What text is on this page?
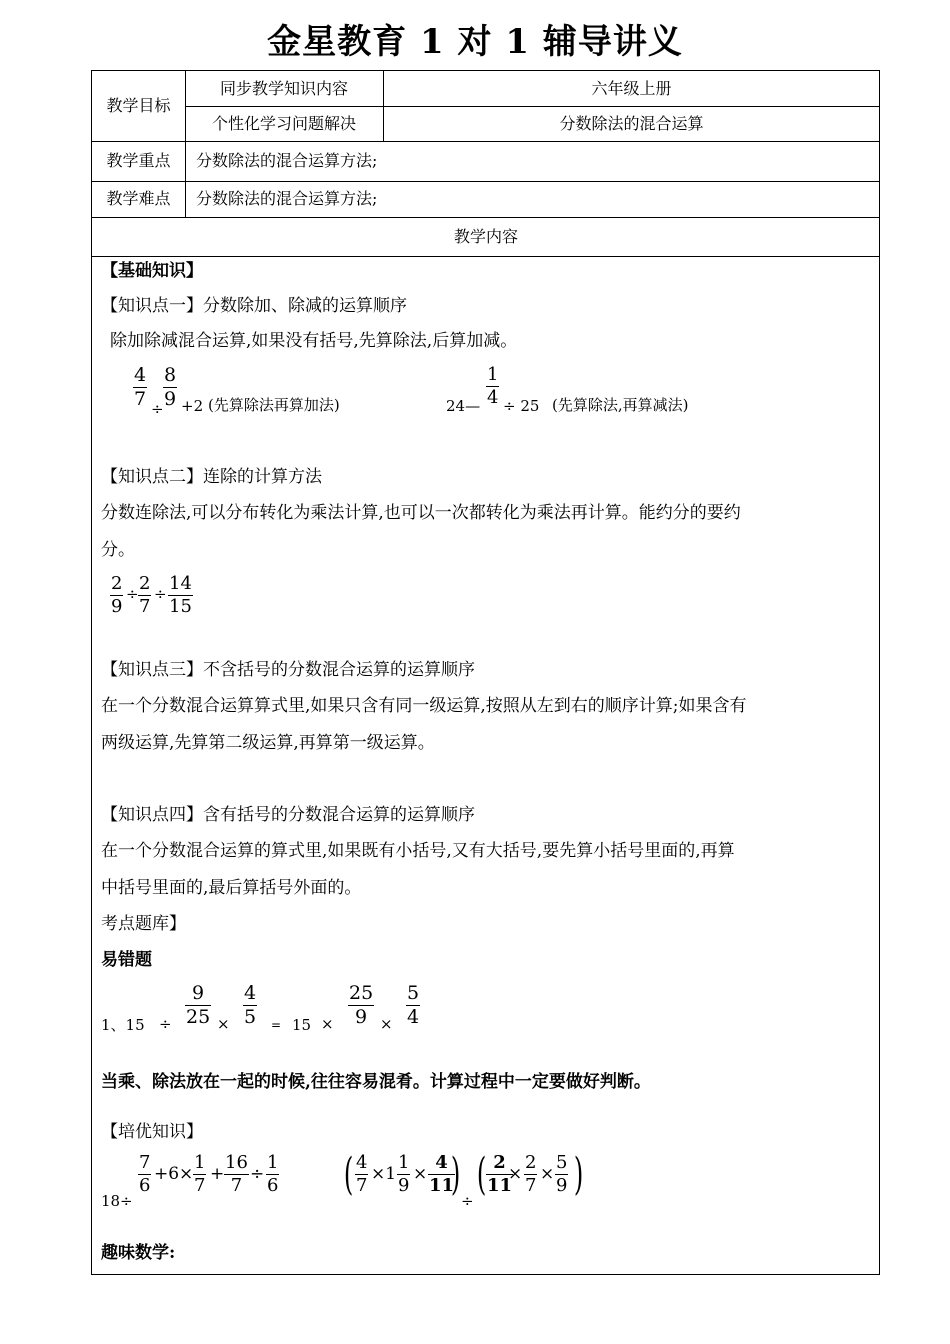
金星教育 1 对 1 辅导讲义
教学目标
同步教学知识内容	六年级上册
个性化学习问题解决	分数除法的混合运算
教学重点	分数除法的混合运算方法;
教学难点	分数除法的混合运算方法;
教学内容
【基础知识】
【知识点一】分数除加、除减的运算顺序
除加除减混合运算,如果没有括号,先算除法,后算加减。
$\frac{4}{7} \div \frac{8}{9} +2$ (先算除法再算加法)	24— $\frac{1}{4} \div 25$ (先算除法,再算减法)
【知识点二】连除的计算方法
分数连除法,可以分布转化为乘法计算,也可以一次都转化为乘法再计算。能约分的要约
分。
$\frac{2}{9} \div \frac{2}{7} \div \frac{14}{15}$
【知识点三】不含括号的分数混合运算的运算顺序
在一个分数混合运算算式里,如果只含有同一级运算,按照从左到右的顺序计算;如果含有
两级运算,先算第二级运算,再算第一级运算。
【知识点四】含有括号的分数混合运算的运算顺序
在一个分数混合运算的算式里,如果既有小括号,又有大括号,要先算小括号里面的,再算
中括号里面的,最后算括号外面的。
考点题库】
易错题
1、$15 \div \frac{9}{25} \times \frac{4}{5} = 15 \times \frac{25}{9} \times \frac{5}{4}$
当乘、除法放在一起的时候,往往容易混肴。计算过程中一定要做好判断。
【培优知识】
18 ÷
$\frac{7}{6} +6\times \frac{1}{7} + \frac{16}{7} \div \frac{1}{6}$ ( $\frac{4}{7} \times 1 \frac{1}{9} \times \frac{4}{11}$
)
÷
( $\frac{2}{11}$
× $\frac{2}{7} \times \frac{5}{9}$ )
趣味数学:
